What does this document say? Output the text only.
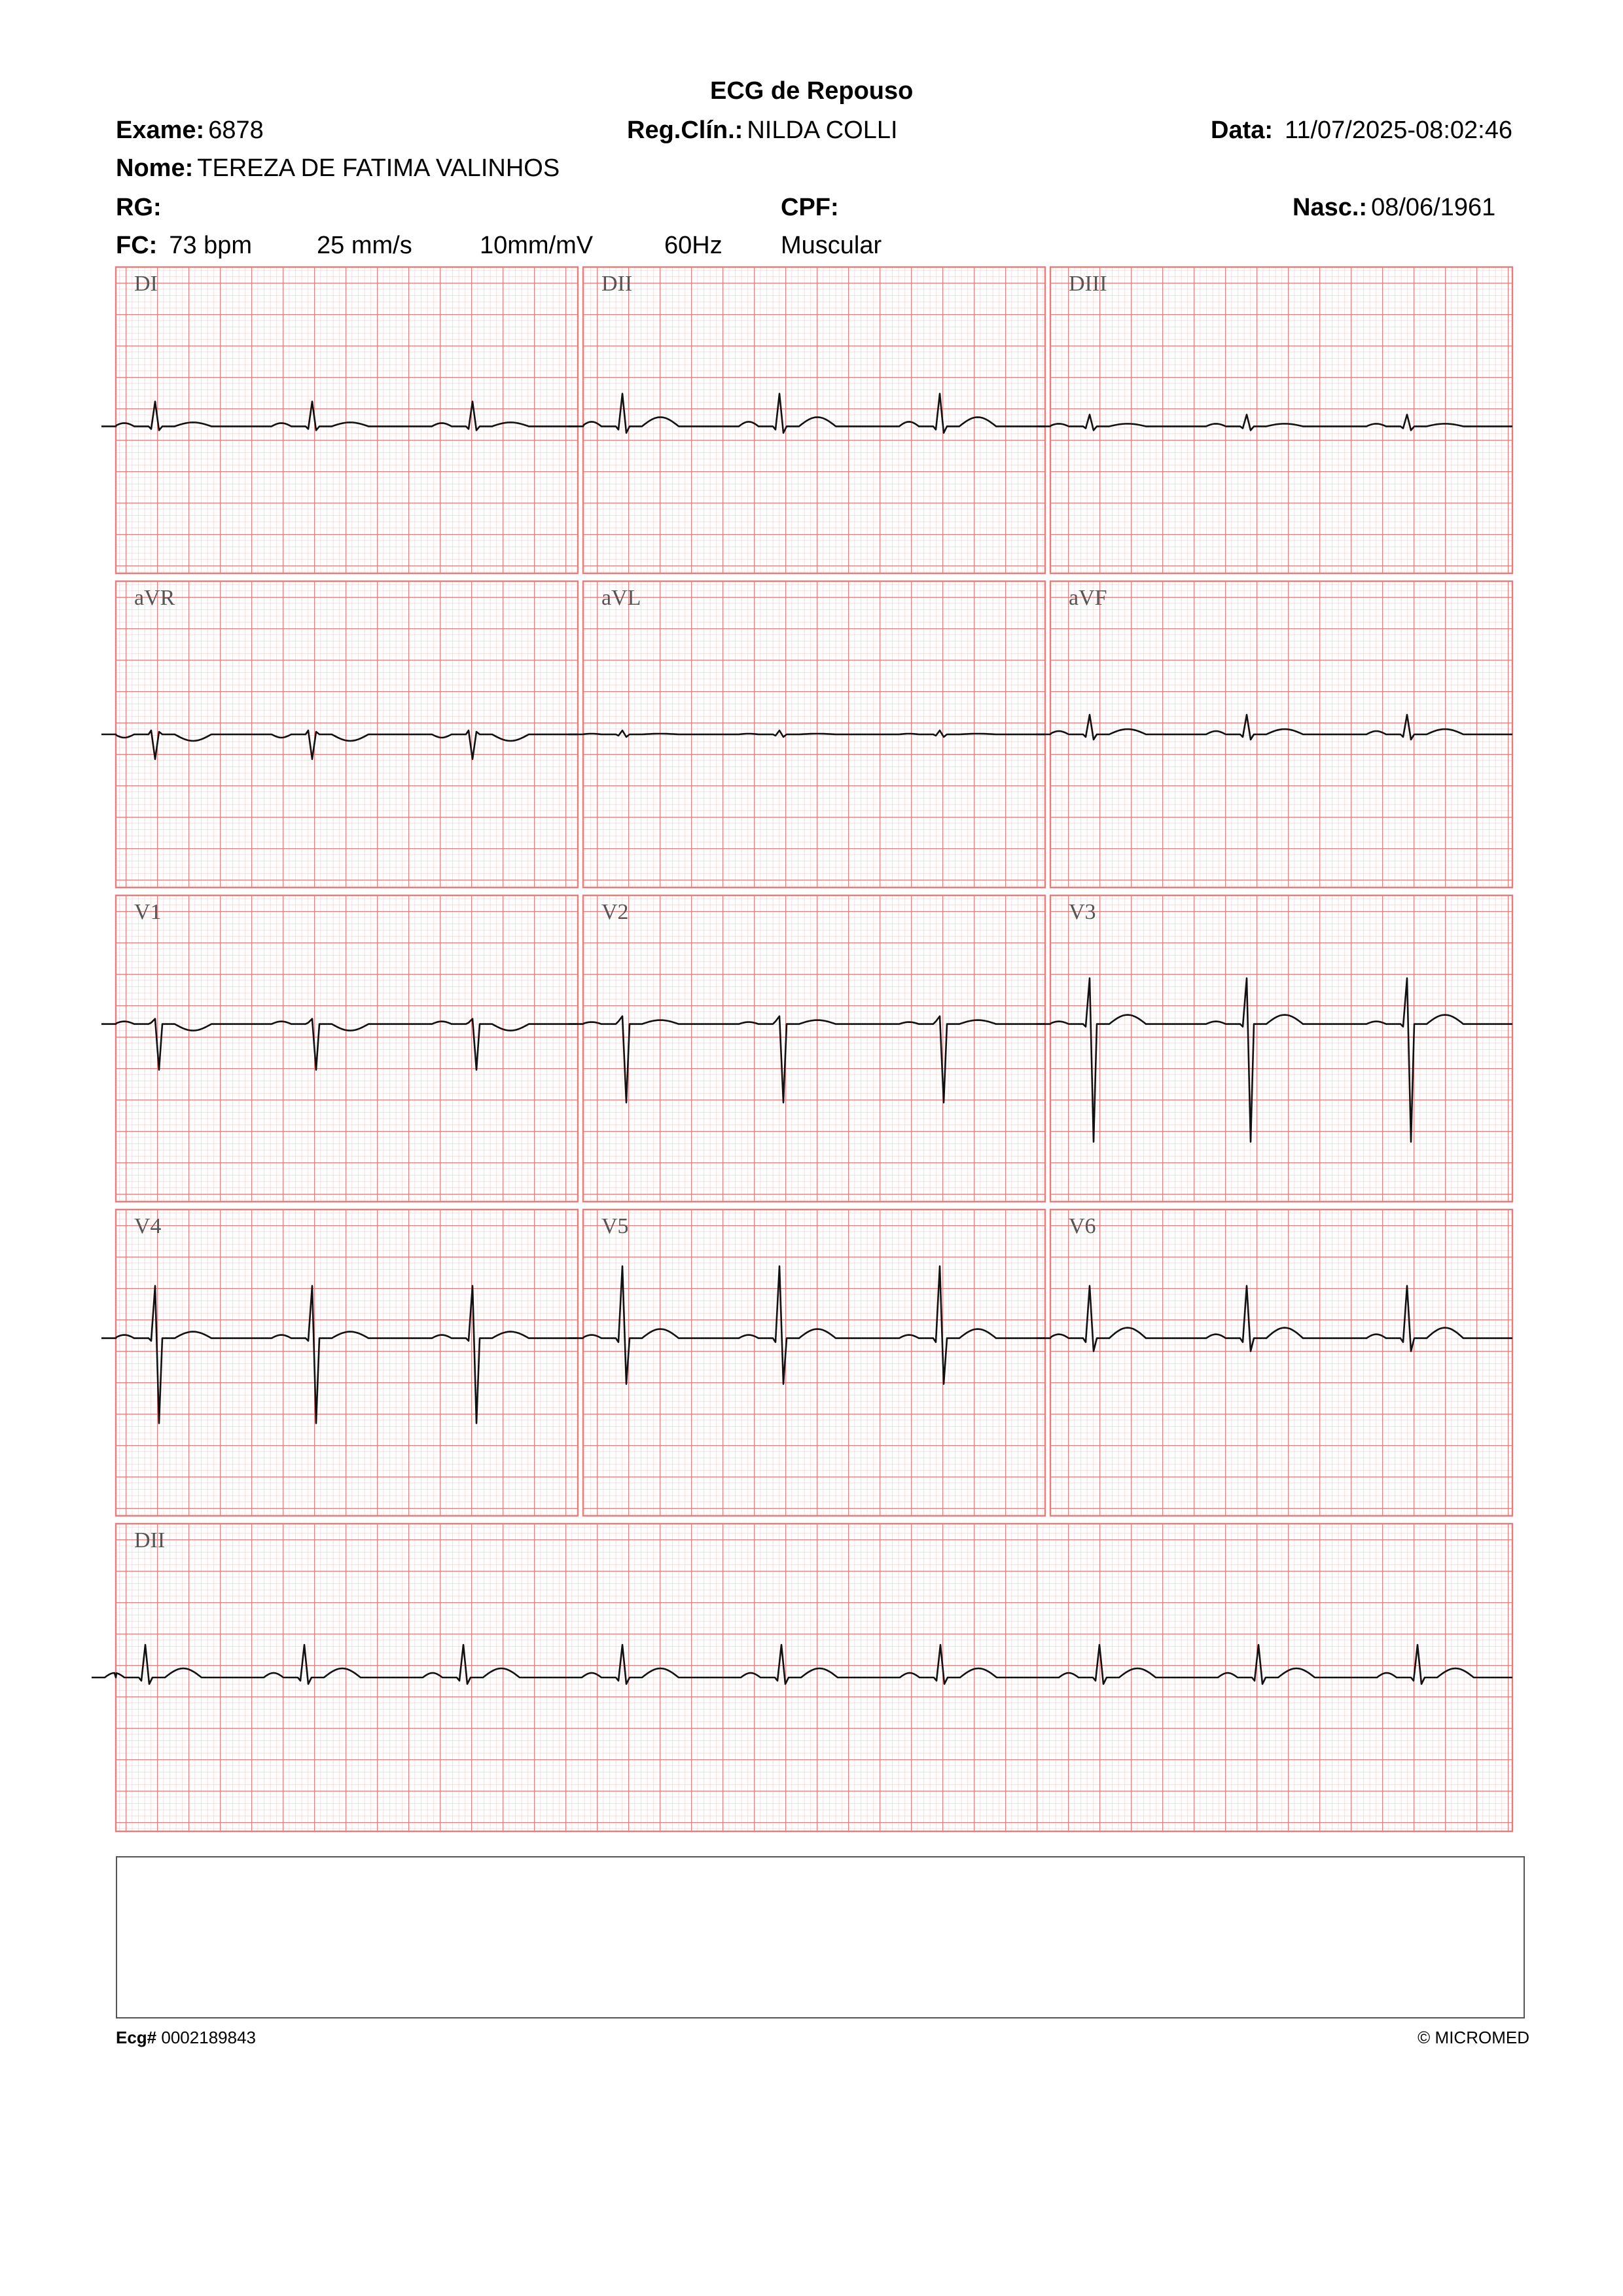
ECG de Repouso
Exame: 6878	Reg.Clín.: NILDA COLLI	Data: 11/07/2025-08:02:46
Nome: TEREZA DE FATIMA VALINHOS
RG:	CPF:	Nasc.: 08/06/1961
FC: 73 bpm	25 mm/s	10mm/mV	60Hz Muscular
DI	DII	DIII
aVR	aVL	aVF
V1	V2	V3
V4	V5	V6
DII
Ecg# 0002189843	© MICROMED
